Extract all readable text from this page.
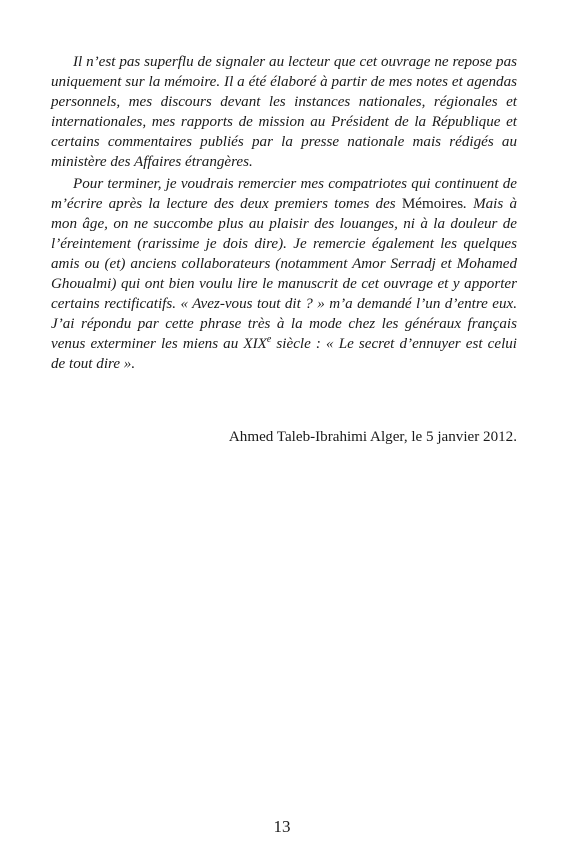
Il n’est pas superflu de signaler au lecteur que cet ouvrage ne repose pas uniquement sur la mémoire. Il a été élaboré à partir de mes notes et agendas personnels, mes discours devant les instances nationales, régionales et internationales, mes rapports de mission au Président de la République et certains commentaires publiés par la presse nationale mais rédigés au ministère des Affaires étrangères.

Pour terminer, je voudrais remercier mes compatriotes qui continuent de m’écrire après la lecture des deux premiers tomes des Mémoires. Mais à mon âge, on ne succombe plus au plaisir des louanges, ni à la douleur de l’éreintement (rarissime je dois dire). Je remercie également les quelques amis ou (et) anciens collaborateurs (notamment Amor Serradj et Mohamed Ghoualmi) qui ont bien voulu lire le manuscrit de cet ouvrage et y apporter certains rectificatifs. « Avez-vous tout dit ? » m’a demandé l’un d’entre eux. J’ai répondu par cette phrase très à la mode chez les généraux français venus exterminer les miens au XIXe siècle : « Le secret d’ennuyer est celui de tout dire ».

Ahmed Taleb-Ibrahimi Alger, le 5 janvier 2012.
13
